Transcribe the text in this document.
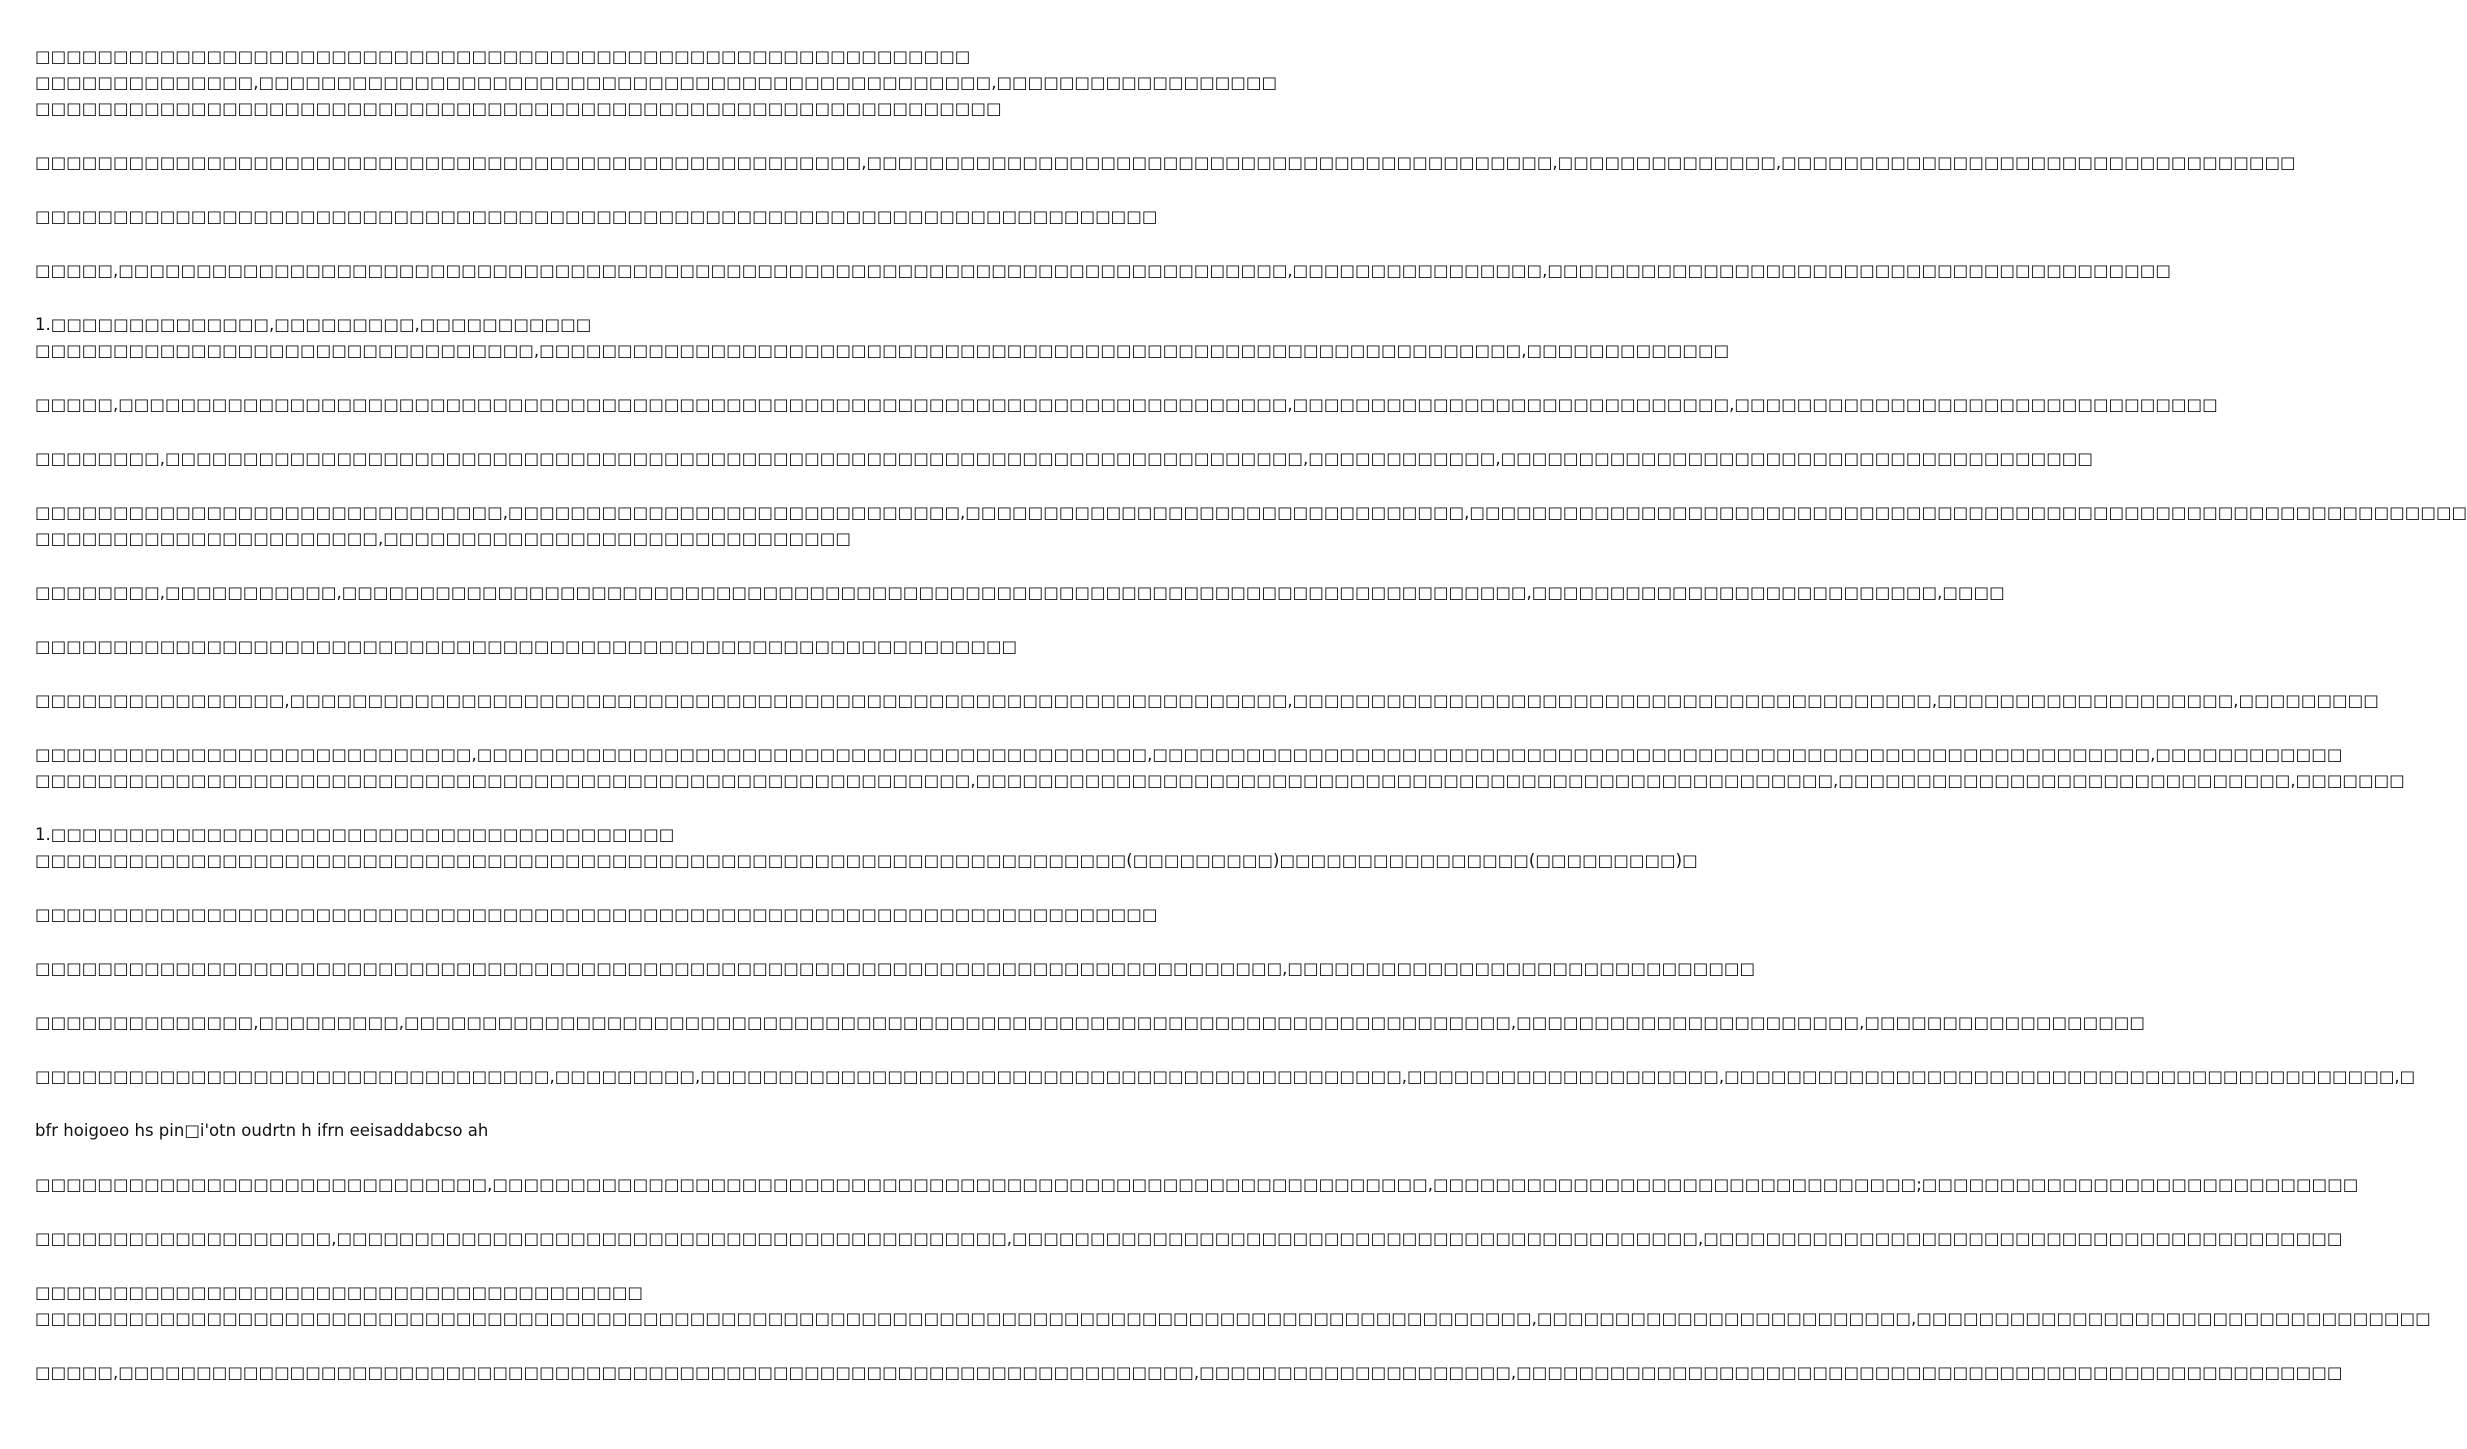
□□□□□□□□□□□□□□□□□□□□□□□□□□□□□□□□□□□□□□□□□□□□□□□□□□□□□□□□□□□□
□□□□□□□□□□□□□□,□□□□□□□□□□□□□□□□□□□□□□□□□□□□□□□□□□□□□□□□□□□□□□□,□□□□□□□□□□□□□□□□□□
□□□□□□□□□□□□□□□□□□□□□□□□□□□□□□□□□□□□□□□□□□□□□□□□□□□□□□□□□□□□□□
□□□□□□□□□□□□□□□□□□□□□□□□□□□□□□□□□□□□□□□□□□□□□□□□□□□□□,□□□□□□□□□□□□□□□□□□□□□□□□□□□□□□□□□□□□□□□□□□□□,□□□□□□□□□□□□□□,□□□□□□□□□□□□□□□□□□□□□□□□□□□□□□□□□
□□□□□□□□□□□□□□□□□□□□□□□□□□□□□□□□□□□□□□□□□□□□□□□□□□□□□□□□□□□□□□□□□□□□□□□□
□□□□□,□□□□□□□□□□□□□□□□□□□□□□□□□□□□□□□□□□□□□□□□□□□□□□□□□□□□□□□□□□□□□□□□□□□□□□□□□□□,□□□□□□□□□□□□□□□□,□□□□□□□□□□□□□□□□□□□□□□□□□□□□□□□□□□□□□□□□
1.□□□□□□□□□□□□□□,□□□□□□□□□,□□□□□□□□□□□
□□□□□□□□□□□□□□□□□□□□□□□□□□□□□□□□,□□□□□□□□□□□□□□□□□□□□□□□□□□□□□□□□□□□□□□□□□□□□□□□□□□□□□□□□□□□□□□□,□□□□□□□□□□□□□
□□□□□,□□□□□□□□□□□□□□□□□□□□□□□□□□□□□□□□□□□□□□□□□□□□□□□□□□□□□□□□□□□□□□□□□□□□□□□□□□□,□□□□□□□□□□□□□□□□□□□□□□□□□□□□,□□□□□□□□□□□□□□□□□□□□□□□□□□□□□□□
□□□□□□□□,□□□□□□□□□□□□□□□□□□□□□□□□□□□□□□□□□□□□□□□□□□□□□□□□□□□□□□□□□□□□□□□□□□□□□□□□□,□□□□□□□□□□□□,□□□□□□□□□□□□□□□□□□□□□□□□□□□□□□□□□□□□□□
□□□□□□□□□□□□□□□□□□□□□□□□□□□□□□,□□□□□□□□□□□□□□□□□□□□□□□□□□□□□,□□□□□□□□□□□□□□□□□□□□□□□□□□□□□□□□,□□□□□□□□□□□□□□□□□□□□□□□□□□□□□□□□□□□□□□□□□□□□□□□□□□□□□□□□□□□□□□□□
□□□□□□□□□□□□□□□□□□□□□□,□□□□□□□□□□□□□□□□□□□□□□□□□□□□□□
□□□□□□□□,□□□□□□□□□□□,□□□□□□□□□□□□□□□□□□□□□□□□□□□□□□□□□□□□□□□□□□□□□□□□□□□□□□□□□□□□□□□□□□□□□□□□□□□□,□□□□□□□□□□□□□□□□□□□□□□□□□□,□□□□
□□□□□□□□□□□□□□□□□□□□□□□□□□□□□□□□□□□□□□□□□□□□□□□□□□□□□□□□□□□□□□□
□□□□□□□□□□□□□□□□,□□□□□□□□□□□□□□□□□□□□□□□□□□□□□□□□□□□□□□□□□□□□□□□□□□□□□□□□□□□□□□□□,□□□□□□□□□□□□□□□□□□□□□□□□□□□□□□□□□□□□□□□□□,□□□□□□□□□□□□□□□□□□□,□□□□□□□□□
□□□□□□□□□□□□□□□□□□□□□□□□□□□□,□□□□□□□□□□□□□□□□□□□□□□□□□□□□□□□□□□□□□□□□□□□,□□□□□□□□□□□□□□□□□□□□□□□□□□□□□□□□□□□□□□□□□□□□□□□□□□□□□□□□□□□□□□□□,□□□□□□□□□□□□
□□□□□□□□□□□□□□□□□□□□□□□□□□□□□□□□□□□□□□□□□□□□□□□□□□□□□□□□□□□□,□□□□□□□□□□□□□□□□□□□□□□□□□□□□□□□□□□□□□□□□□□□□□□□□□□□□□□□,□□□□□□□□□□□□□□□□□□□□□□□□□□□□□,□□□□□□□
1.□□□□□□□□□□□□□□□□□□□□□□□□□□□□□□□□□□□□□□□□
□□□□□□□□□□□□□□□□□□□□□□□□□□□□□□□□□□□□□□□□□□□□□□□□□□□□□□□□□□□□□□□□□□□□□□(□□□□□□□□□)□□□□□□□□□□□□□□□□(□□□□□□□□□)□
□□□□□□□□□□□□□□□□□□□□□□□□□□□□□□□□□□□□□□□□□□□□□□□□□□□□□□□□□□□□□□□□□□□□□□□□
□□□□□□□□□□□□□□□□□□□□□□□□□□□□□□□□□□□□□□□□□□□□□□□□□□□□□□□□□□□□□□□□□□□□□□□□□□□□□□□□,□□□□□□□□□□□□□□□□□□□□□□□□□□□□□□
□□□□□□□□□□□□□□,□□□□□□□□□,□□□□□□□□□□□□□□□□□□□□□□□□□□□□□□□□□□□□□□□□□□□□□□□□□□□□□□□□□□□□□□□□□□□□□□□,□□□□□□□□□□□□□□□□□□□□□□,□□□□□□□□□□□□□□□□□□
□□□□□□□□□□□□□□□□□□□□□□□□□□□□□□□□□,□□□□□□□□□,□□□□□□□□□□□□□□□□□□□□□□□□□□□□□□□□□□□□□□□□□□□□□,□□□□□□□□□□□□□□□□□□□□,□□□□□□□□□□□□□□□□□□□□□□□□□□□□□□□□□□□□□□□□□□□,□
bfr hoigoeo hs pin□i'otn oudrtn h ifrn eeisaddabcso ah
□□□□□□□□□□□□□□□□□□□□□□□□□□□□□,□□□□□□□□□□□□□□□□□□□□□□□□□□□□□□□□□□□□□□□□□□□□□□□□□□□□□□□□□□□□,□□□□□□□□□□□□□□□□□□□□□□□□□□□□□□□;□□□□□□□□□□□□□□□□□□□□□□□□□□□□
□□□□□□□□□□□□□□□□□□□,□□□□□□□□□□□□□□□□□□□□□□□□□□□□□□□□□□□□□□□□□□□,□□□□□□□□□□□□□□□□□□□□□□□□□□□□□□□□□□□□□□□□□□□□,□□□□□□□□□□□□□□□□□□□□□□□□□□□□□□□□□□□□□□□□□
□□□□□□□□□□□□□□□□□□□□□□□□□□□□□□□□□□□□□□□
□□□□□□□□□□□□□□□□□□□□□□□□□□□□□□□□□□□□□□□□□□□□□□□□□□□□□□□□□□□□□□□□□□□□□□□□□□□□□□□□□□□□□□□□□□□□□□□□,□□□□□□□□□□□□□□□□□□□□□□□□,□□□□□□□□□□□□□□□□□□□□□□□□□□□□□□□□□
□□□□□,□□□□□□□□□□□□□□□□□□□□□□□□□□□□□□□□□□□□□□□□□□□□□□□□□□□□□□□□□□□□□□□□□□□□□,□□□□□□□□□□□□□□□□□□□□,□□□□□□□□□□□□□□□□□□□□□□□□□□□□□□□□□□□□□□□□□□□□□□□□□□□□□
